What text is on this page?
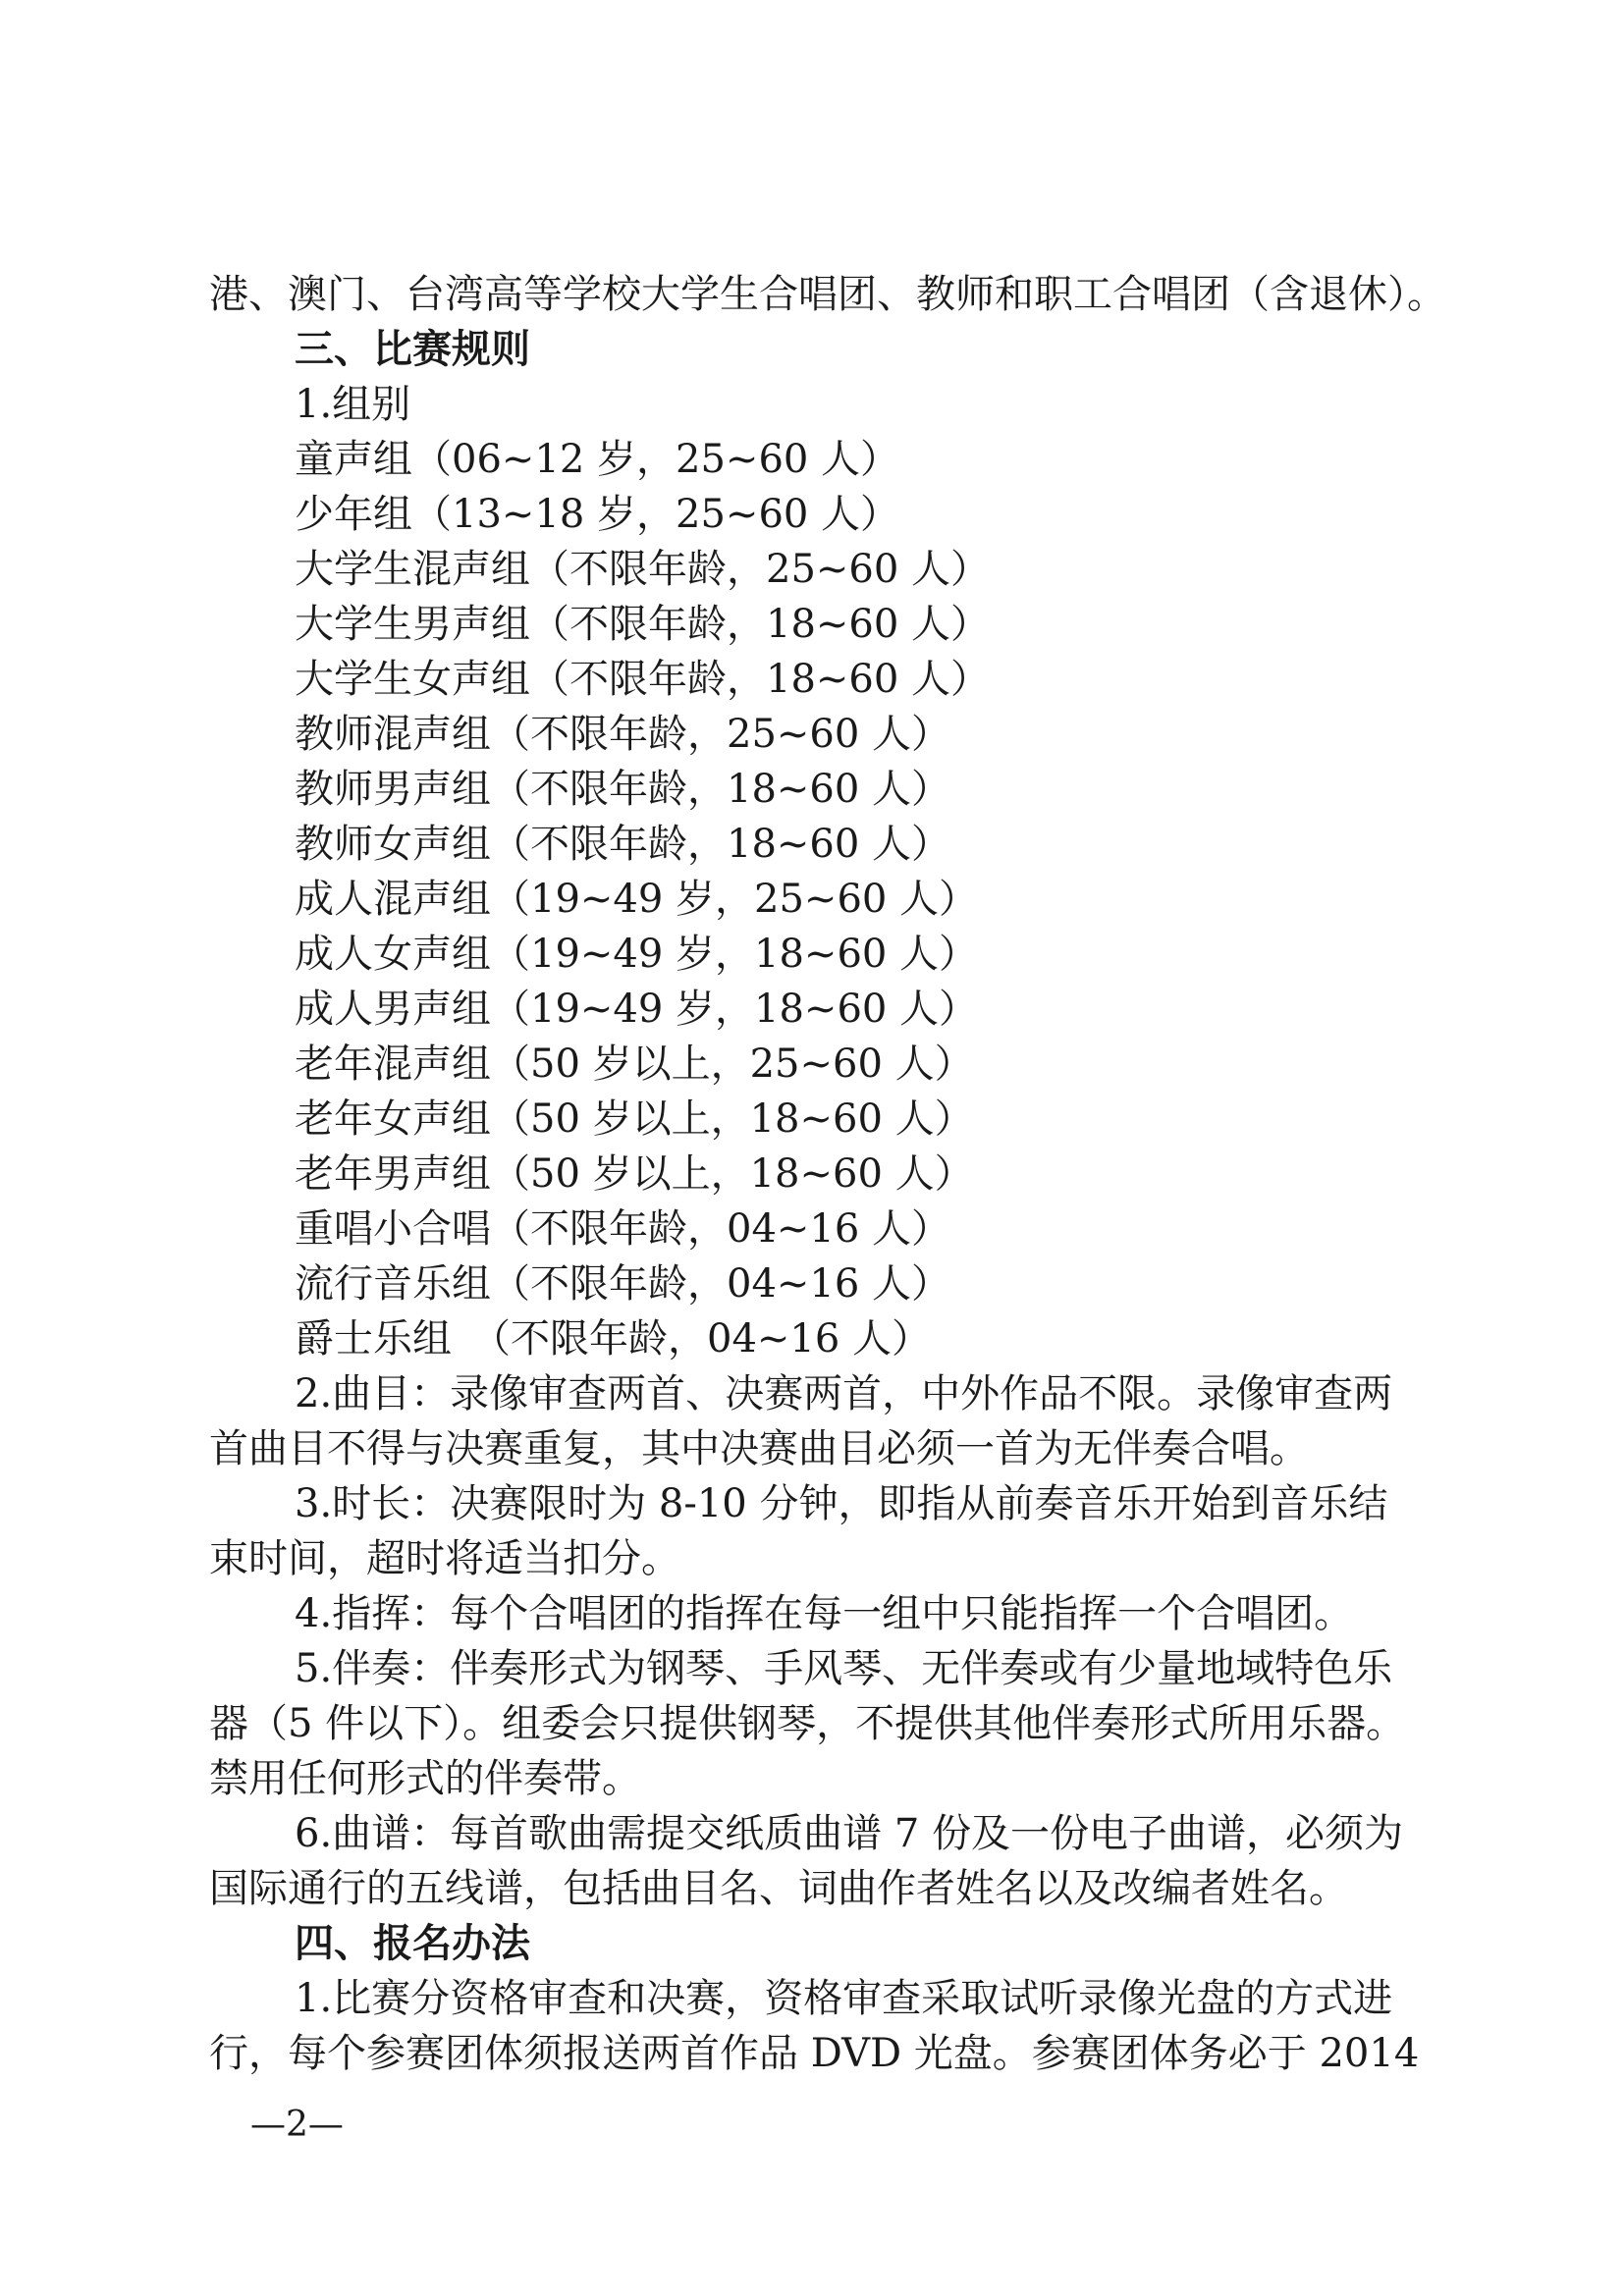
港、澳门、台湾高等学校大学生合唱团、教师和职工合唱团（含退休）。
三、比赛规则
1.组别
童声组（06~12 岁，25~60 人）
少年组（13~18 岁，25~60 人）
大学生混声组（不限年龄，25~60 人）
大学生男声组（不限年龄，18~60 人）
大学生女声组（不限年龄，18~60 人）
教师混声组（不限年龄，25~60 人）
教师男声组（不限年龄，18~60 人）
教师女声组（不限年龄，18~60 人）
成人混声组（19~49 岁，25~60 人）
成人女声组（19~49 岁，18~60 人）
成人男声组（19~49 岁，18~60 人）
老年混声组（50 岁以上，25~60 人）
老年女声组（50 岁以上，18~60 人）
老年男声组（50 岁以上，18~60 人）
重唱小合唱（不限年龄，04~16 人）
流行音乐组（不限年龄，04~16 人）
爵士乐组　（不限年龄，04~16 人）
2.曲目：录像审查两首、决赛两首，中外作品不限。录像审查两
首曲目不得与决赛重复，其中决赛曲目必须一首为无伴奏合唱。
3.时长：决赛限时为 8-10 分钟，即指从前奏音乐开始到音乐结
束时间，超时将适当扣分。
4.指挥：每个合唱团的指挥在每一组中只能指挥一个合唱团。
5.伴奏：伴奏形式为钢琴、手风琴、无伴奏或有少量地域特色乐
器（5 件以下）。组委会只提供钢琴，不提供其他伴奏形式所用乐器。
禁用任何形式的伴奏带。
6.曲谱：每首歌曲需提交纸质曲谱 7 份及一份电子曲谱，必须为
国际通行的五线谱，包括曲目名、词曲作者姓名以及改编者姓名。
四、报名办法
1.比赛分资格审查和决赛，资格审查采取试听录像光盘的方式进
行，每个参赛团体须报送两首作品 DVD 光盘。参赛团体务必于 2014
—2—
